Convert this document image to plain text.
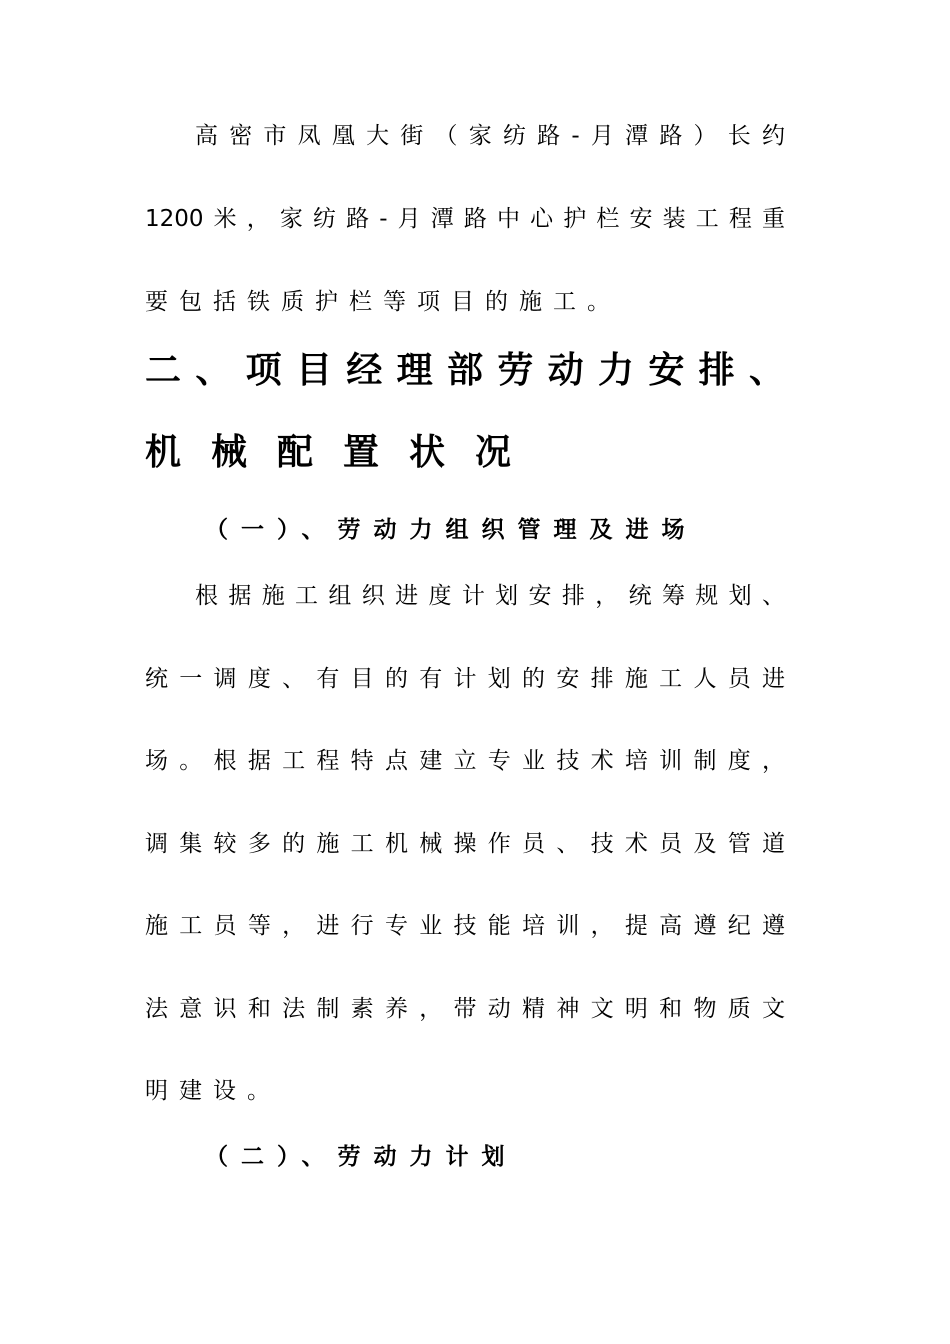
高密市凤凰大街（家纺路-月潭路）长约
1200米，家纺路-月潭路中心护栏安装工程重
要包括铁质护栏等项目的施工。
二、项目经理部劳动力安排、
机械配置状况
（一）、劳动力组织管理及进场
根据施工组织进度计划安排，统筹规划、
统一调度、有目的有计划的安排施工人员进
场。根据工程特点建立专业技术培训制度，
调集较多的施工机械操作员、技术员及管道
施工员等，进行专业技能培训，提高遵纪遵
法意识和法制素养，带动精神文明和物质文
明建设。
（二）、劳动力计划
